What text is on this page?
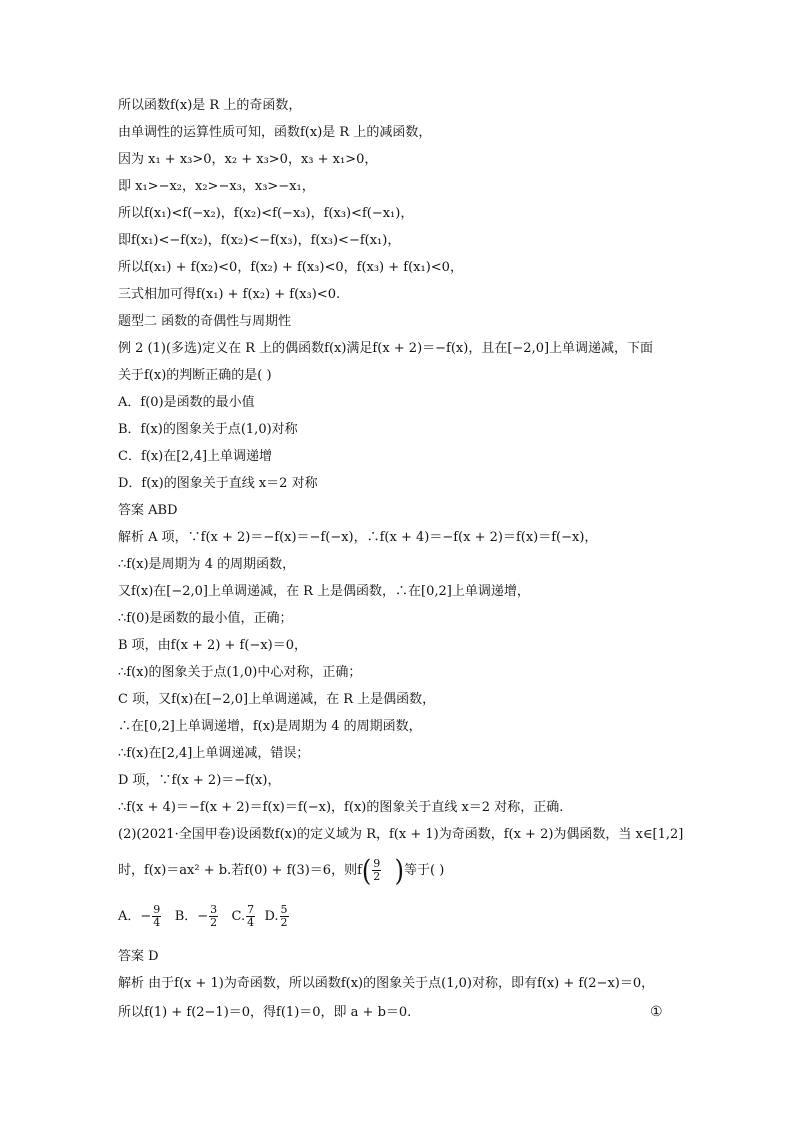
所以函数f(x)是 R 上的奇函数，
由单调性的运算性质可知，函数f(x)是 R 上的减函数，
因为 x₁ + x₃>0，x₂ + x₃>0，x₃ + x₁>0，
即 x₁>−x₂，x₂>−x₃，x₃>−x₁，
所以f(x₁)<f(−x₂)，f(x₂)<f(−x₃)，f(x₃)<f(−x₁)，
即f(x₁)<−f(x₂)，f(x₂)<−f(x₃)，f(x₃)<−f(x₁)，
所以f(x₁) + f(x₂)<0，f(x₂) + f(x₃)<0，f(x₃) + f(x₁)<0，
三式相加可得f(x₁) + f(x₂) + f(x₃)<0.
题型二 函数的奇偶性与周期性
例 2 (1)(多选)定义在 R 上的偶函数f(x)满足f(x + 2)＝−f(x)，且在[−2,0]上单调递减，下面
关于f(x)的判断正确的是( )
A．f(0)是函数的最小值
B．f(x)的图象关于点(1,0)对称
C．f(x)在[2,4]上单调递增
D．f(x)的图象关于直线 x＝2 对称
答案 ABD
解析 A 项，∵f(x + 2)＝−f(x)＝−f(−x)，∴f(x + 4)＝−f(x + 2)＝f(x)＝f(−x)，
∴f(x)是周期为 4 的周期函数，
又f(x)在[−2,0]上单调递减，在 R 上是偶函数，∴在[0,2]上单调递增，
∴f(0)是函数的最小值，正确；
B 项，由f(x + 2) + f(−x)＝0，
∴f(x)的图象关于点(1,0)中心对称，正确；
C 项，又f(x)在[−2,0]上单调递减，在 R 上是偶函数，
∴在[0,2]上单调递增，f(x)是周期为 4 的周期函数，
∴f(x)在[2,4]上单调递减，错误；
D 项，∵f(x + 2)＝−f(x)，
∴f(x + 4)＝−f(x + 2)＝f(x)＝f(−x)，f(x)的图象关于直线 x＝2 对称，正确.
(2)(2021·全国甲卷)设函数f(x)的定义域为 R，f(x + 1)为奇函数，f(x + 2)为偶函数，当 x∈[1,2]
时，f(x)＝ax² + b.若f(0) + f(3)＝6，则$f( \frac{9}{2}$ )等于( )
A．− $\frac{9}{4}$ B．− $\frac{3}{2} C$. $\frac{7}{4} D$. $\frac{5}{2}$
答案 D
解析 由于f(x + 1)为奇函数，所以函数f(x)的图象关于点(1,0)对称，即有f(x) + f(2−x)＝0，
所以f(1) + f(2−1)＝0，得f(1)＝0，即 a + b＝0.	①
